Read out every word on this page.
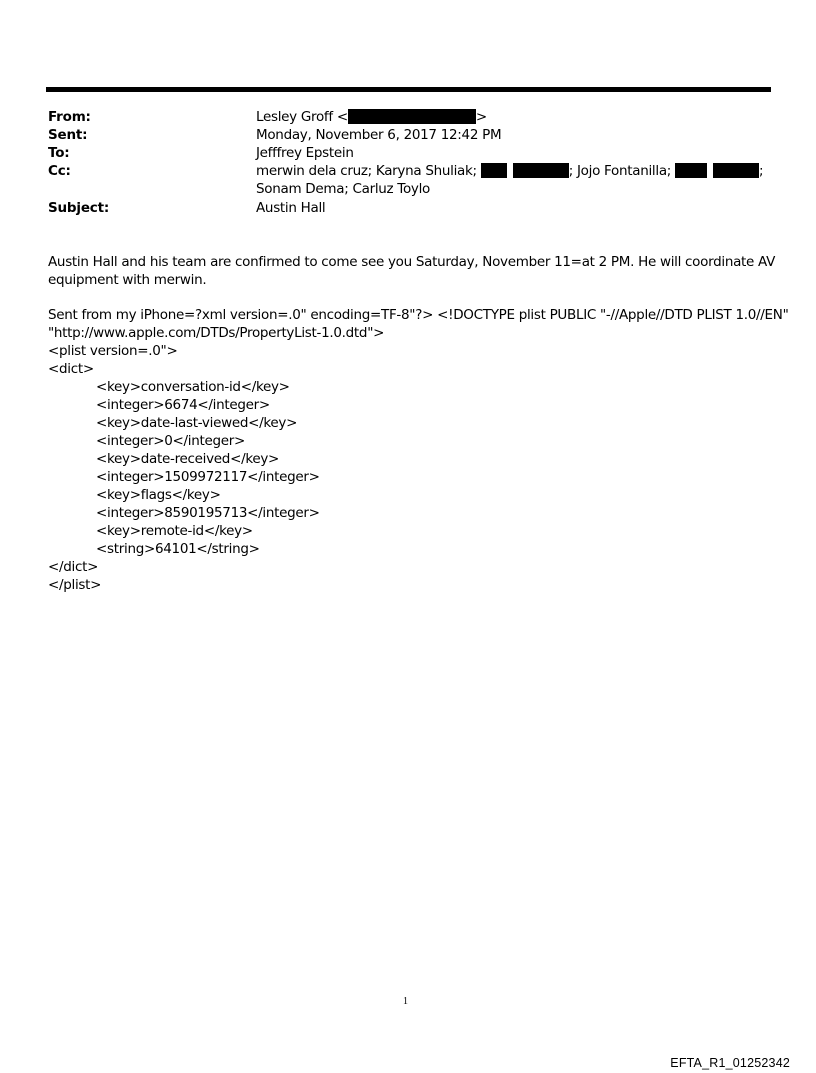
From:	Lesley Groff <	>
Sent:	Monday, November 6, 2017 12:42 PM
To:	Jefffrey Epstein
Cc:	merwin dela cruz; Karyna Shuliak;	; Jojo Fontanilla;	;
Sonam Dema; Carluz Toylo
Subject:	Austin Hall
Austin Hall and his team are confirmed to come see you Saturday, November 11=at 2 PM. He will coordinate AV
equipment with merwin.
Sent from my iPhone=?xml version=.0" encoding=TF-8"?> <!DOCTYPE plist PUBLIC "-//Apple//DTD PLIST 1.0//EN"
"http://www.apple.com/DTDs/PropertyList-1.0.dtd">
<plist version=.0">
<dict>
<key>conversation-id</key>
<integer>6674</integer>
<key>date-last-viewed</key>
<integer>0</integer>
<key>date-received</key>
<integer>1509972117</integer>
<key>flags</key>
<integer>8590195713</integer>
<key>remote-id</key>
<string>64101</string>
</dict>
</plist>
1
EFTA_R1_01252342
